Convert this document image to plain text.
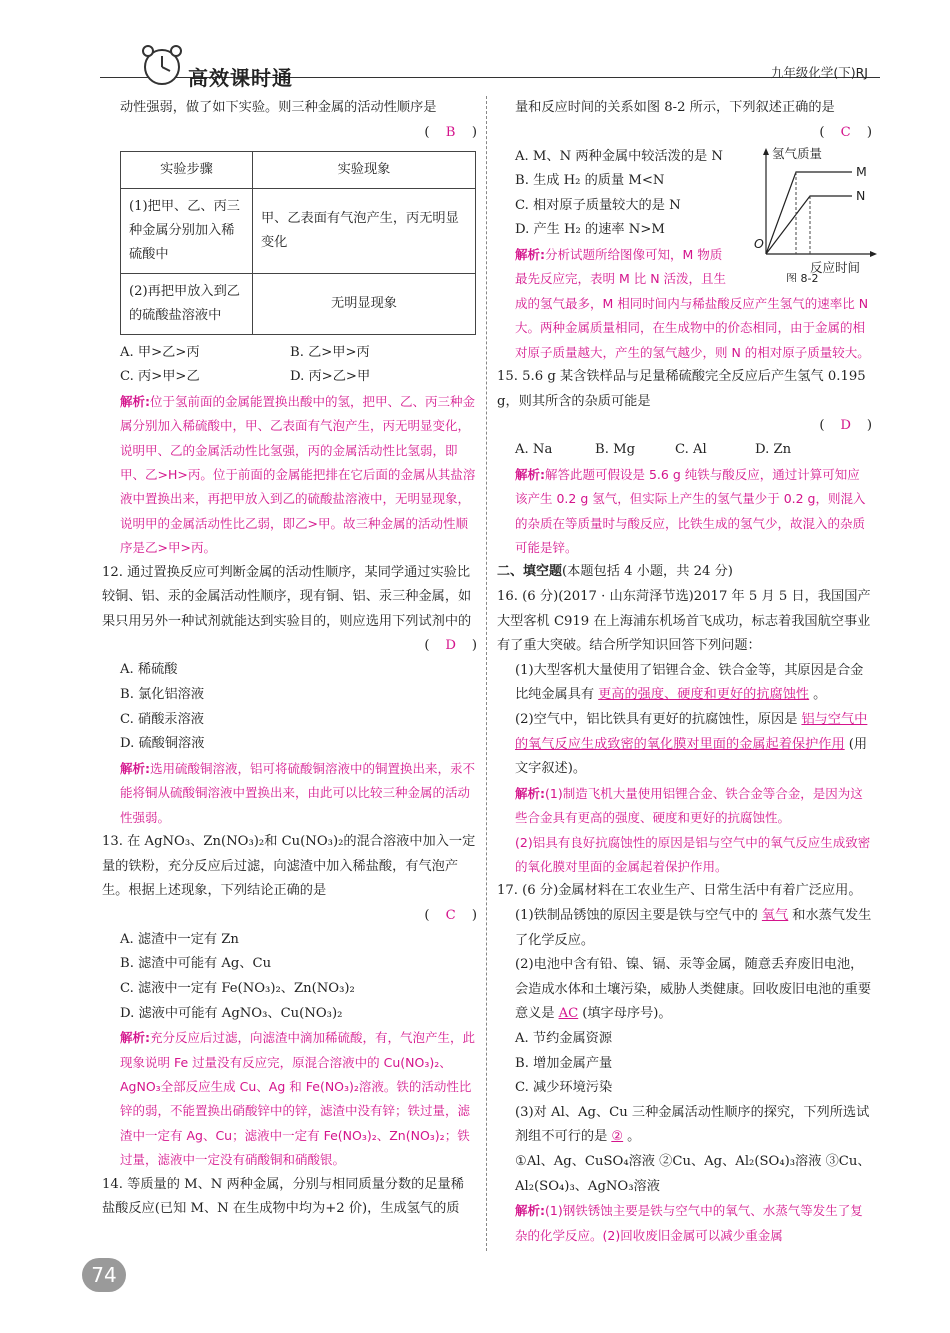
高效课时通	九年级化学(下)RJ

动性强弱，做了如下实验。则三种金属的活动性顺序是

( B )

实验步骤	实验现象
(1)把甲、乙、丙三种金属分别加入稀硫酸中	甲、乙表面有气泡产生，丙无明显变化
(2)再把甲放入到乙的硫酸盐溶液中	无明显现象
A. 甲>乙>丙	B. 乙>甲>丙
C. 丙>甲>乙	D. 丙>乙>甲

解析:位于氢前面的金属能置换出酸中的氢，把甲、乙、丙三种金属分别加入稀硫酸中，甲、乙表面有气泡产生，丙无明显变化，说明甲、乙的金属活动性比氢强，丙的金属活动性比氢弱，即甲、乙>H>丙。位于前面的金属能把排在它后面的金属从其盐溶液中置换出来，再把甲放入到乙的硫酸盐溶液中，无明显现象，说明甲的金属活动性比乙弱，即乙>甲。故三种金属的活动性顺序是乙>甲>丙。

12. 通过置换反应可判断金属的活动性顺序，某同学通过实验比较铜、铝、汞的金属活动性顺序，现有铜、铝、汞三种金属，如果只用另外一种试剂就能达到实验目的，则应选用下列试剂中的

( D )

A. 稀硫酸

B. 氯化铝溶液

C. 硝酸汞溶液

D. 硫酸铜溶液

解析:选用硫酸铜溶液，铝可将硫酸铜溶液中的铜置换出来，汞不能将铜从硫酸铜溶液中置换出来，由此可以比较三种金属的活动性强弱。

13. 在 AgNO₃、Zn(NO₃)₂和 Cu(NO₃)₂的混合溶液中加入一定量的铁粉，充分反应后过滤，向滤渣中加入稀盐酸，有气泡产生。根据上述现象，下列结论正确的是

( C )

A. 滤渣中一定有 Zn

B. 滤渣中可能有 Ag、Cu

C. 滤液中一定有 Fe(NO₃)₂、Zn(NO₃)₂

D. 滤液中可能有 AgNO₃、Cu(NO₃)₂

解析:充分反应后过滤，向滤渣中滴加稀硫酸，有，气泡产生，此现象说明 Fe 过量没有反应完，原混合溶液中的 Cu(NO₃)₂、AgNO₃全部反应生成 Cu、Ag 和 Fe(NO₃)₂溶液。铁的活动性比锌的弱，不能置换出硝酸锌中的锌，滤渣中没有锌；铁过量，滤渣中一定有 Ag、Cu；滤液中一定有 Fe(NO₃)₂、Zn(NO₃)₂；铁过量，滤液中一定没有硝酸铜和硝酸银。

14. 等质量的 M、N 两种金属，分别与相同质量分数的足量稀盐酸反应(已知 M、N 在生成物中均为+2 价)，生成氢气的质

量和反应时间的关系如图 8-2 所示，下列叙述正确的是

( C )

A. M、N 两种金属中较活泼的是 N

B. 生成 H₂ 的质量 M<N

C. 相对原子质量较大的是 N

D. 产生 H₂ 的速率 N>M

解析:分析试题所给图像可知，M 物质

最先反应完，表明 M 比 N 活泼，且生

成的氢气最多，M 相同时间内与稀盐酸反应产生氢气的速率比 N 大。两种金属质量相同，在生成物中的价态相同，由于金属的相对原子质量越大，产生的氢气越少，则 N 的相对原子质量较大。

15. 5.6 g 某含铁样品与足量稀硫酸完全反应后产生氢气 0.195 g，则其所含的杂质可能是

( D )

A. Na	B. Mg	C. Al	D. Zn

解析:解答此题可假设是 5.6 g 纯铁与酸反应，通过计算可知应该产生 0.2 g 氢气，但实际上产生的氢气量少于 0.2 g，则混入的杂质在等质量时与酸反应，比铁生成的氢气少，故混入的杂质可能是锌。

二、填空题(本题包括 4 小题，共 24 分)

16. (6 分)(2017 · 山东菏泽节选)2017 年 5 月 5 日，我国国产大型客机 C919 在上海浦东机场首飞成功，标志着我国航空事业有了重大突破。结合所学知识回答下列问题：

(1)大型客机大量使用了铝锂合金、铁合金等，其原因是合金比纯金属具有 更高的强度、硬度和更好的抗腐蚀性 。

(2)空气中，铝比铁具有更好的抗腐蚀性，原因是 铝与空气中的氧气反应生成致密的氧化膜对里面的金属起着保护作用 (用文字叙述)。

解析:(1)制造飞机大量使用铝锂合金、铁合金等合金，是因为这些合金具有更高的强度、硬度和更好的抗腐蚀性。

(2)铝具有良好抗腐蚀性的原因是铝与空气中的氧气反应生成致密的氧化膜对里面的金属起着保护作用。

17. (6 分)金属材料在工农业生产、日常生活中有着广泛应用。

(1)铁制品锈蚀的原因主要是铁与空气中的 氧气 和水蒸气发生了化学反应。

(2)电池中含有铅、镍、镉、汞等金属，随意丢弃废旧电池，会造成水体和土壤污染，威胁人类健康。回收废旧电池的重要意义是 AC (填字母序号)。

A. 节约金属资源

B. 增加金属产量

C. 减少环境污染

(3)对 Al、Ag、Cu 三种金属活动性顺序的探究，下列所选试剂组不可行的是 ② 。

①Al、Ag、CuSO₄溶液 ②Cu、Ag、Al₂(SO₄)₃溶液 ③Cu、Al₂(SO₄)₃、AgNO₃溶液

解析:(1)钢铁锈蚀主要是铁与空气中的氧气、水蒸气等发生了复杂的化学反应。(2)回收废旧金属可以减少重金属

氢气质量
M
N
O
反应时间
图 8-2
74
